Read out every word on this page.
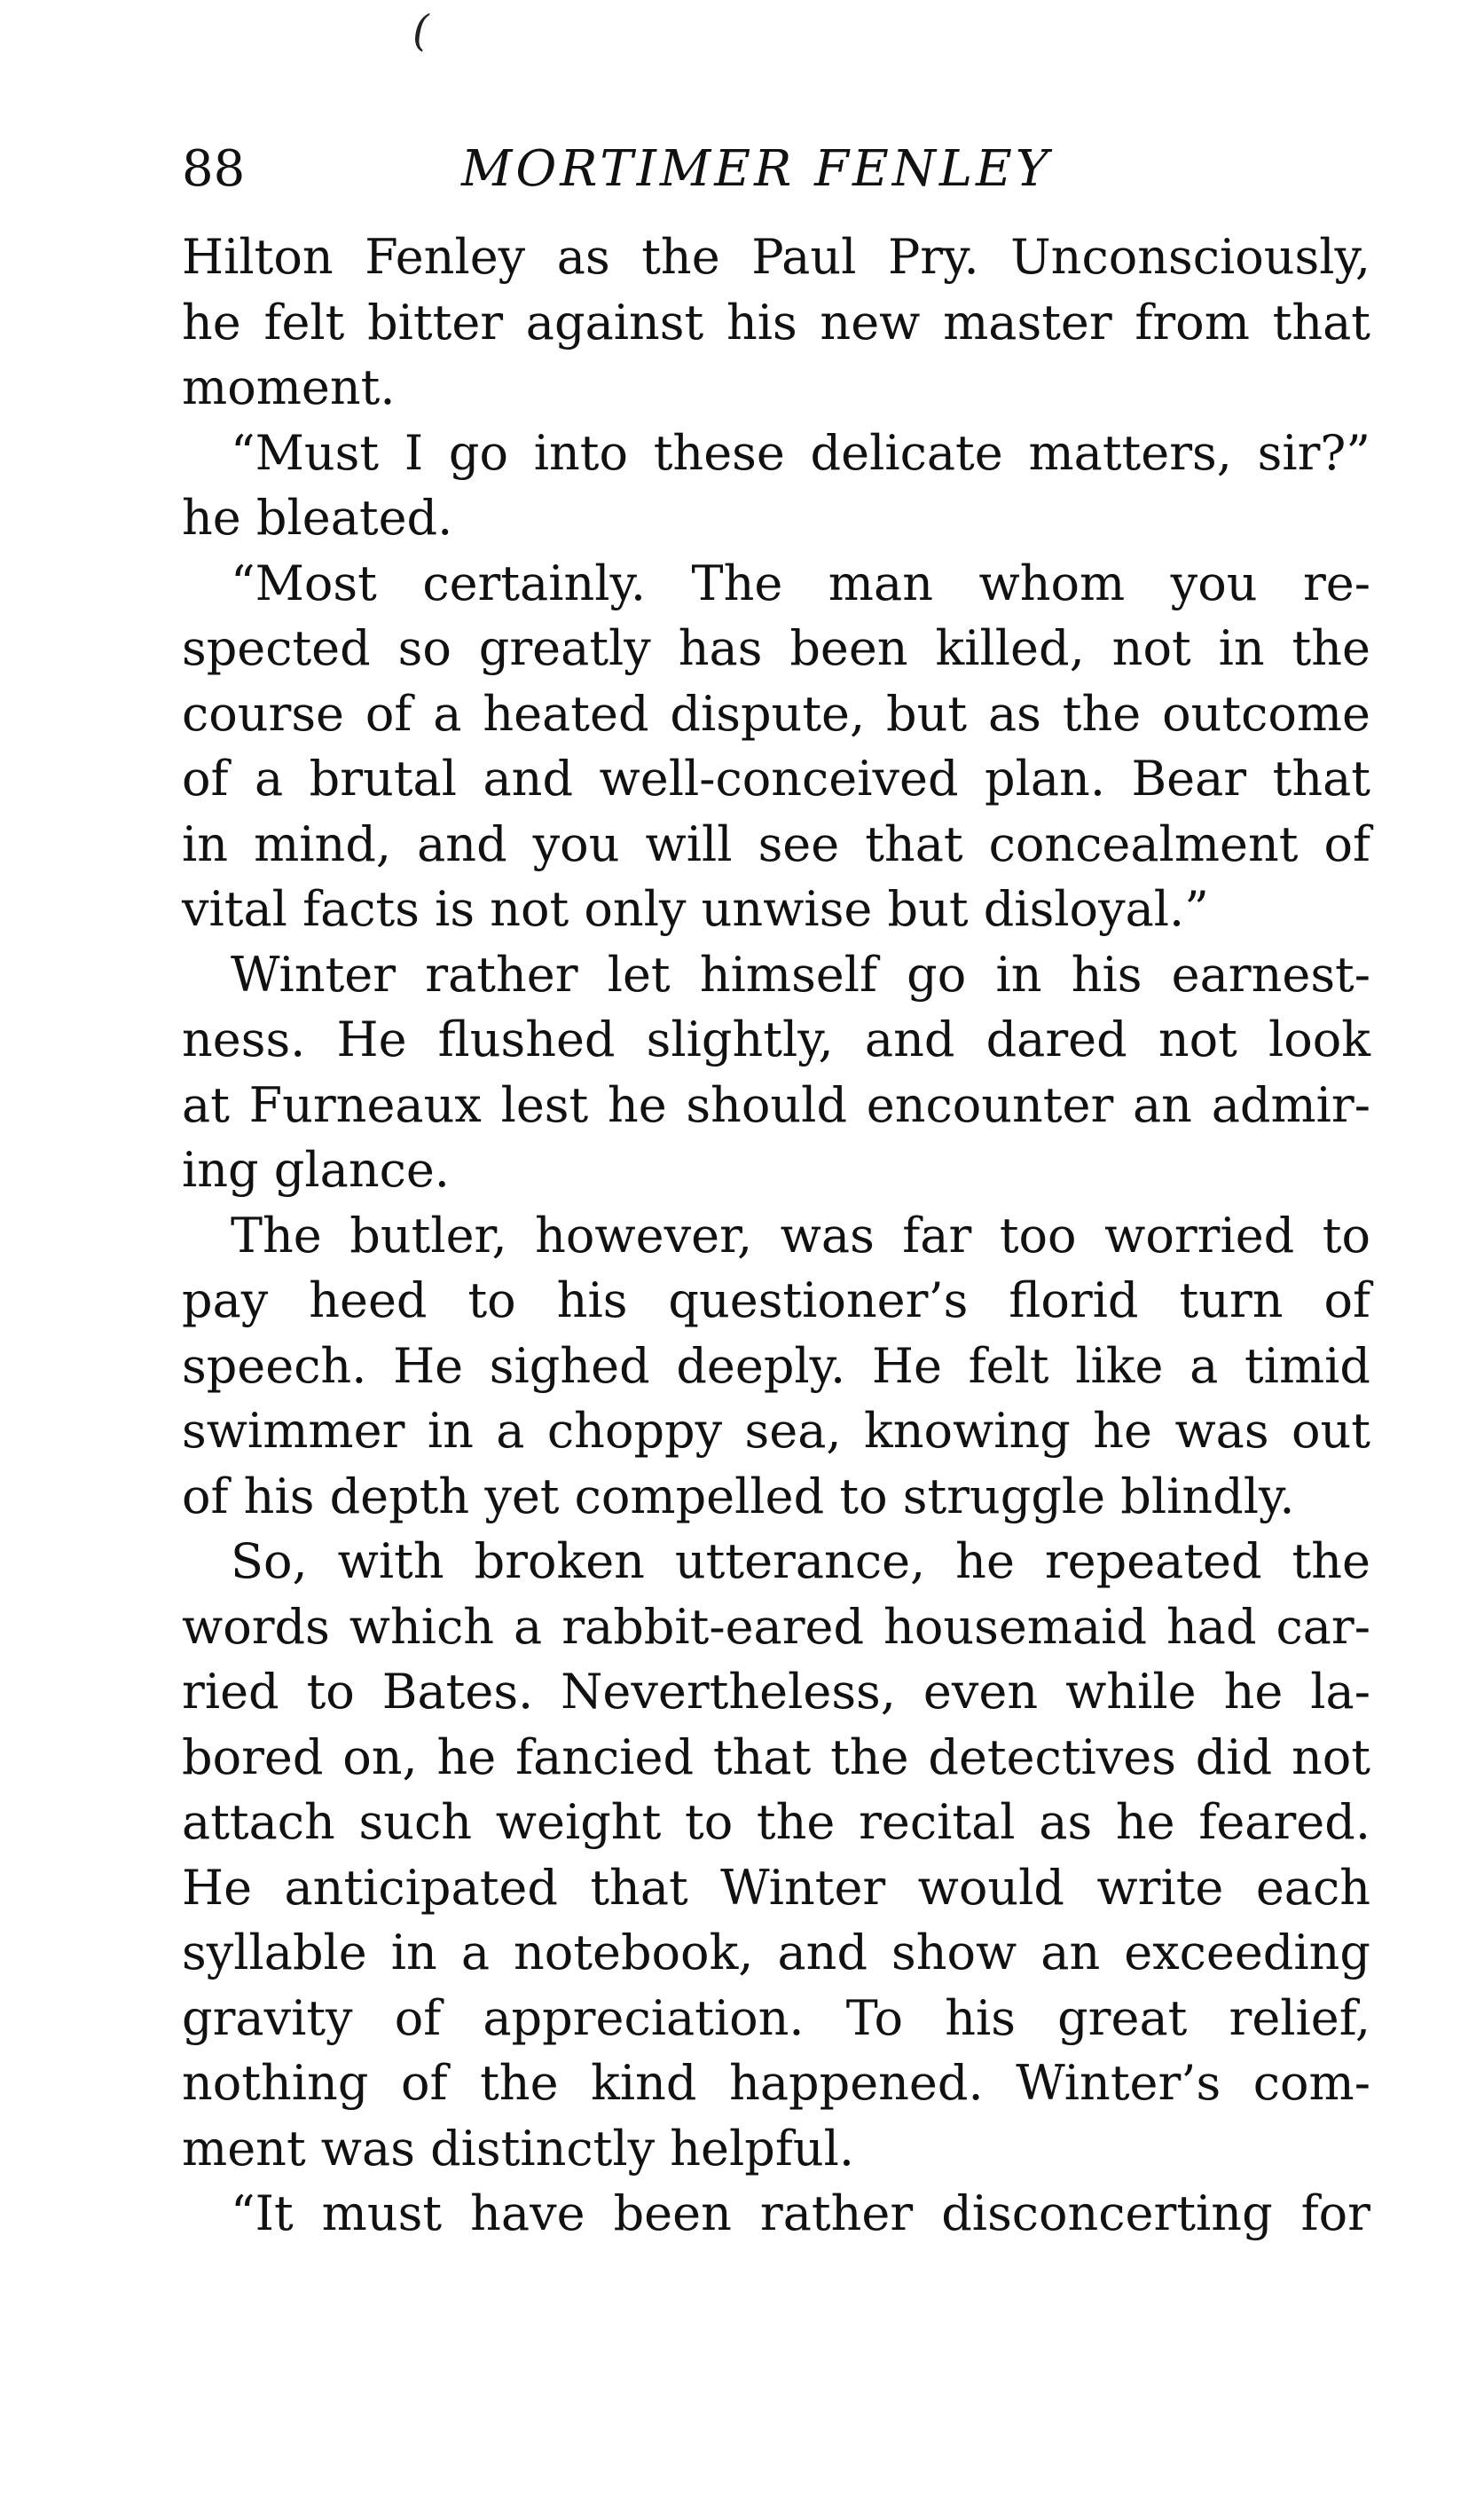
(
88	MORTIMER FENLEY
Hilton Fenley as the Paul Pry. Unconsciously,
he felt bitter against his new master from that
moment.
“Must I go into these delicate matters, sir?”
he bleated.
“Most certainly. The man whom you re-
spected so greatly has been killed, not in the
course of a heated dispute, but as the outcome
of a brutal and well-conceived plan. Bear that
in mind, and you will see that concealment of
vital facts is not only unwise but disloyal.”
Winter rather let himself go in his earnest-
ness. He flushed slightly, and dared not look
at Furneaux lest he should encounter an admir-
ing glance.
The butler, however, was far too worried to
pay heed to his questioner’s florid turn of
speech. He sighed deeply. He felt like a timid
swimmer in a choppy sea, knowing he was out
of his depth yet compelled to struggle blindly.
So, with broken utterance, he repeated the
words which a rabbit-eared housemaid had car-
ried to Bates. Nevertheless, even while he la-
bored on, he fancied that the detectives did not
attach such weight to the recital as he feared.
He anticipated that Winter would write each
syllable in a notebook, and show an exceeding
gravity of appreciation. To his great relief,
nothing of the kind happened. Winter’s com-
ment was distinctly helpful.
“It must have been rather disconcerting for
